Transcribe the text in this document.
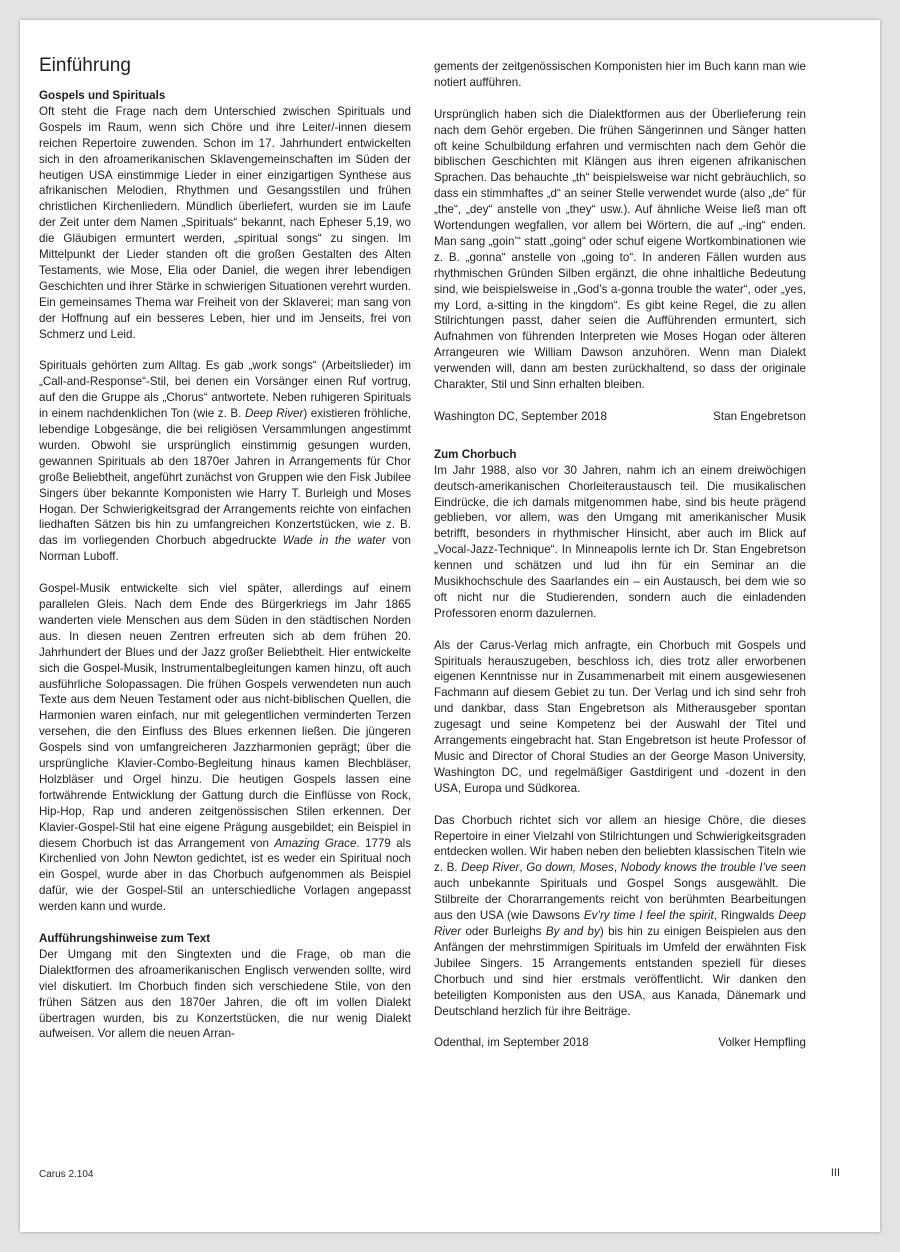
Einführung
Gospels und Spirituals

Oft steht die Frage nach dem Unterschied zwischen Spirituals und Gospels im Raum, wenn sich Chöre und ihre Leiter/-innen diesem reichen Repertoire zuwenden. Schon im 17. Jahrhundert entwickelten sich in den afroamerikanischen Sklavengemeinschaften im Süden der heutigen USA einstimmige Lieder in einer einzigartigen Synthese aus afrikanischen Melodien, Rhythmen und Gesangsstilen und frühen christlichen Kirchenliedern. Mündlich überliefert, wurden sie im Laufe der Zeit unter dem Namen „Spirituals“ bekannt, nach Epheser 5,19, wo die Gläubigen ermuntert werden, „spiritual songs“ zu singen. Im Mittelpunkt der Lieder standen oft die großen Gestalten des Alten Testaments, wie Mose, Elia oder Daniel, die wegen ihrer lebendigen Geschichten und ihrer Stärke in schwierigen Situationen verehrt wurden. Ein gemeinsames Thema war Freiheit von der Sklaverei; man sang von der Hoffnung auf ein besseres Leben, hier und im Jenseits, frei von Schmerz und Leid.

Spirituals gehörten zum Alltag. Es gab „work songs“ (Arbeitslieder) im „Call-and-Response“-Stil, bei denen ein Vorsänger einen Ruf vortrug, auf den die Gruppe als „Chorus“ antwortete. Neben ruhigeren Spirituals in einem nachdenklichen Ton (wie z. B. Deep River) existieren fröhliche, lebendige Lobgesänge, die bei religiösen Versammlungen angestimmt wurden. Obwohl sie ursprünglich einstimmig gesungen wurden, gewannen Spirituals ab den 1870er Jahren in Arrangements für Chor große Beliebtheit, angeführt zunächst von Gruppen wie den Fisk Jubilee Singers über bekannte Komponisten wie Harry T. Burleigh und Moses Hogan. Der Schwierigkeitsgrad der Arrangements reichte von einfachen liedhaften Sätzen bis hin zu umfangreichen Konzertstücken, wie z. B. das im vorliegenden Chorbuch abgedruckte Wade in the water von Norman Luboff.

Gospel-Musik entwickelte sich viel später, allerdings auf einem parallelen Gleis. Nach dem Ende des Bürgerkriegs im Jahr 1865 wanderten viele Menschen aus dem Süden in den städtischen Norden aus. In diesen neuen Zentren erfreuten sich ab dem frühen 20. Jahrhundert der Blues und der Jazz großer Beliebtheit. Hier entwickelte sich die Gospel-Musik, Instrumentalbegleitungen kamen hinzu, oft auch ausführliche Solopassagen. Die frühen Gospels verwendeten nun auch Texte aus dem Neuen Testament oder aus nicht-biblischen Quellen, die Harmonien waren einfach, nur mit gelegentlichen verminderten Terzen versehen, die den Einfluss des Blues erkennen ließen. Die jüngeren Gospels sind von umfangreicheren Jazzharmonien geprägt; über die ursprüngliche Klavier-Combo-Begleitung hinaus kamen Blechbläser, Holzbläser und Orgel hinzu. Die heutigen Gospels lassen eine fortwährende Entwicklung der Gattung durch die Einflüsse von Rock, Hip-Hop, Rap und anderen zeitgenössischen Stilen erkennen. Der Klavier-Gospel-Stil hat eine eigene Prägung ausgebildet; ein Beispiel in diesem Chorbuch ist das Arrangement von Amazing Grace. 1779 als Kirchenlied von John Newton gedichtet, ist es weder ein Spiritual noch ein Gospel, wurde aber in das Chorbuch aufgenommen als Beispiel dafür, wie der Gospel-Stil an unterschiedliche Vorlagen angepasst werden kann und wurde.

Aufführungshinweise zum Text

Der Umgang mit den Singtexten und die Frage, ob man die Dialektformen des afroamerikanischen Englisch verwenden sollte, wird viel diskutiert. Im Chorbuch finden sich verschiedene Stile, von den frühen Sätzen aus den 1870er Jahren, die oft im vollen Dialekt übertragen wurden, bis zu Konzertstücken, die nur wenig Dialekt aufweisen. Vor allem die neuen Arran-

gements der zeitgenössischen Komponisten hier im Buch kann man wie notiert aufführen.

Ursprünglich haben sich die Dialektformen aus der Überlieferung rein nach dem Gehör ergeben. Die frühen Sängerinnen und Sänger hatten oft keine Schulbildung erfahren und vermischten nach dem Gehör die biblischen Geschichten mit Klängen aus ihren eigenen afrikanischen Sprachen. Das behauchte „th“ beispielsweise war nicht gebräuchlich, so dass ein stimmhaftes „d“ an seiner Stelle verwendet wurde (also „de“ für „the“, „dey“ anstelle von „they“ usw.). Auf ähnliche Weise ließ man oft Wortendungen wegfallen, vor allem bei Wörtern, die auf „-ing“ enden. Man sang „goin’“ statt „going“ oder schuf eigene Wortkombinationen wie z. B. „gonna“ anstelle von „going to“. In anderen Fällen wurden aus rhythmischen Gründen Silben ergänzt, die ohne inhaltliche Bedeutung sind, wie beispielsweise in „God’s a-gonna trouble the water“, oder „yes, my Lord, a-sitting in the kingdom“. Es gibt keine Regel, die zu allen Stilrichtungen passt, daher seien die Aufführenden ermuntert, sich Aufnahmen von führenden Interpreten wie Moses Hogan oder älteren Arrangeuren wie William Dawson anzuhören. Wenn man Dialekt verwenden will, dann am besten zurückhaltend, so dass der originale Charakter, Stil und Sinn erhalten bleiben.

Washington DC, September 2018	Stan Engebretson
Zum Chorbuch

Im Jahr 1988, also vor 30 Jahren, nahm ich an einem dreiwöchigen deutsch-amerikanischen Chorleiteraustausch teil. Die musikalischen Eindrücke, die ich damals mitgenommen habe, sind bis heute prägend geblieben, vor allem, was den Umgang mit amerikanischer Musik betrifft, besonders in rhythmischer Hinsicht, aber auch im Blick auf „Vocal-Jazz-Technique“. In Minneapolis lernte ich Dr. Stan Engebretson kennen und schätzen und lud ihn für ein Seminar an die Musikhochschule des Saarlandes ein – ein Austausch, bei dem wie so oft nicht nur die Studierenden, sondern auch die einladenden Professoren enorm dazulernen.

Als der Carus-Verlag mich anfragte, ein Chorbuch mit Gospels und Spirituals herauszugeben, beschloss ich, dies trotz aller erworbenen eigenen Kenntnisse nur in Zusammenarbeit mit einem ausgewiesenen Fachmann auf diesem Gebiet zu tun. Der Verlag und ich sind sehr froh und dankbar, dass Stan Engebretson als Mitherausgeber spontan zugesagt und seine Kompetenz bei der Auswahl der Titel und Arrangements eingebracht hat. Stan Engebretson ist heute Professor of Music and Director of Choral Studies an der George Mason University, Washington DC, und regelmäßiger Gastdirigent und -dozent in den USA, Europa und Südkorea.

Das Chorbuch richtet sich vor allem an hiesige Chöre, die dieses Repertoire in einer Vielzahl von Stilrichtungen und Schwierigkeitsgraden entdecken wollen. Wir haben neben den beliebten klassischen Titeln wie z. B. Deep River, Go down, Moses, Nobody knows the trouble I’ve seen auch unbekannte Spirituals und Gospel Songs ausgewählt. Die Stilbreite der Chorarrangements reicht von berühmten Bearbeitungen aus den USA (wie Dawsons Ev’ry time I feel the spirit, Ringwalds Deep River oder Burleighs By and by) bis hin zu einigen Beispielen aus den Anfängen der mehrstimmigen Spirituals im Umfeld der erwähnten Fisk Jubilee Singers. 15 Arrangements entstanden speziell für dieses Chorbuch und sind hier erstmals veröffentlicht. Wir danken den beteiligten Komponisten aus den USA, aus Kanada, Dänemark und Deutschland herzlich für ihre Beiträge.

Odenthal, im September 2018	Volker Hempfling
Carus 2.104	III
